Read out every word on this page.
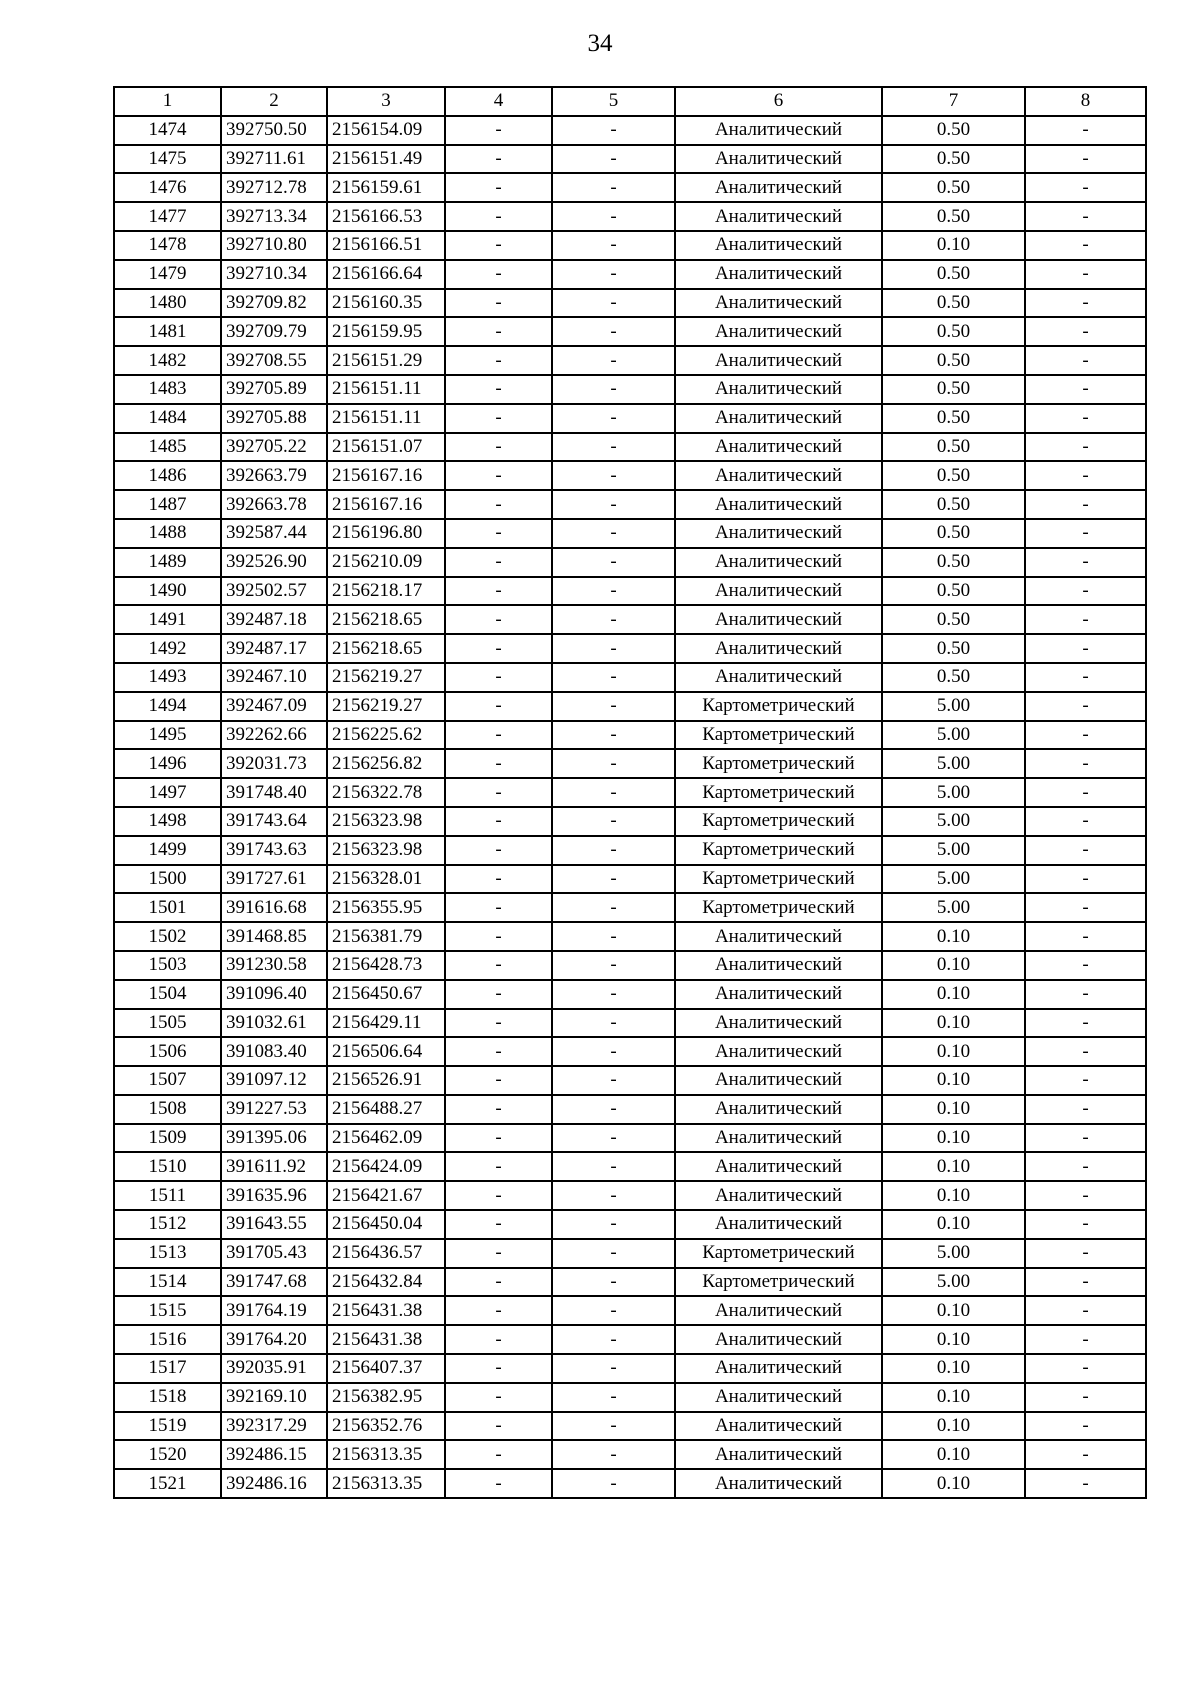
34
1	2	3	4	5	6	7	8
1474	392750.50	2156154.09	-	-	Аналитический	0.50	-
1475	392711.61	2156151.49	-	-	Аналитический	0.50	-
1476	392712.78	2156159.61	-	-	Аналитический	0.50	-
1477	392713.34	2156166.53	-	-	Аналитический	0.50	-
1478	392710.80	2156166.51	-	-	Аналитический	0.10	-
1479	392710.34	2156166.64	-	-	Аналитический	0.50	-
1480	392709.82	2156160.35	-	-	Аналитический	0.50	-
1481	392709.79	2156159.95	-	-	Аналитический	0.50	-
1482	392708.55	2156151.29	-	-	Аналитический	0.50	-
1483	392705.89	2156151.11	-	-	Аналитический	0.50	-
1484	392705.88	2156151.11	-	-	Аналитический	0.50	-
1485	392705.22	2156151.07	-	-	Аналитический	0.50	-
1486	392663.79	2156167.16	-	-	Аналитический	0.50	-
1487	392663.78	2156167.16	-	-	Аналитический	0.50	-
1488	392587.44	2156196.80	-	-	Аналитический	0.50	-
1489	392526.90	2156210.09	-	-	Аналитический	0.50	-
1490	392502.57	2156218.17	-	-	Аналитический	0.50	-
1491	392487.18	2156218.65	-	-	Аналитический	0.50	-
1492	392487.17	2156218.65	-	-	Аналитический	0.50	-
1493	392467.10	2156219.27	-	-	Аналитический	0.50	-
1494	392467.09	2156219.27	-	-	Картометрический	5.00	-
1495	392262.66	2156225.62	-	-	Картометрический	5.00	-
1496	392031.73	2156256.82	-	-	Картометрический	5.00	-
1497	391748.40	2156322.78	-	-	Картометрический	5.00	-
1498	391743.64	2156323.98	-	-	Картометрический	5.00	-
1499	391743.63	2156323.98	-	-	Картометрический	5.00	-
1500	391727.61	2156328.01	-	-	Картометрический	5.00	-
1501	391616.68	2156355.95	-	-	Картометрический	5.00	-
1502	391468.85	2156381.79	-	-	Аналитический	0.10	-
1503	391230.58	2156428.73	-	-	Аналитический	0.10	-
1504	391096.40	2156450.67	-	-	Аналитический	0.10	-
1505	391032.61	2156429.11	-	-	Аналитический	0.10	-
1506	391083.40	2156506.64	-	-	Аналитический	0.10	-
1507	391097.12	2156526.91	-	-	Аналитический	0.10	-
1508	391227.53	2156488.27	-	-	Аналитический	0.10	-
1509	391395.06	2156462.09	-	-	Аналитический	0.10	-
1510	391611.92	2156424.09	-	-	Аналитический	0.10	-
1511	391635.96	2156421.67	-	-	Аналитический	0.10	-
1512	391643.55	2156450.04	-	-	Аналитический	0.10	-
1513	391705.43	2156436.57	-	-	Картометрический	5.00	-
1514	391747.68	2156432.84	-	-	Картометрический	5.00	-
1515	391764.19	2156431.38	-	-	Аналитический	0.10	-
1516	391764.20	2156431.38	-	-	Аналитический	0.10	-
1517	392035.91	2156407.37	-	-	Аналитический	0.10	-
1518	392169.10	2156382.95	-	-	Аналитический	0.10	-
1519	392317.29	2156352.76	-	-	Аналитический	0.10	-
1520	392486.15	2156313.35	-	-	Аналитический	0.10	-
1521	392486.16	2156313.35	-	-	Аналитический	0.10	-
